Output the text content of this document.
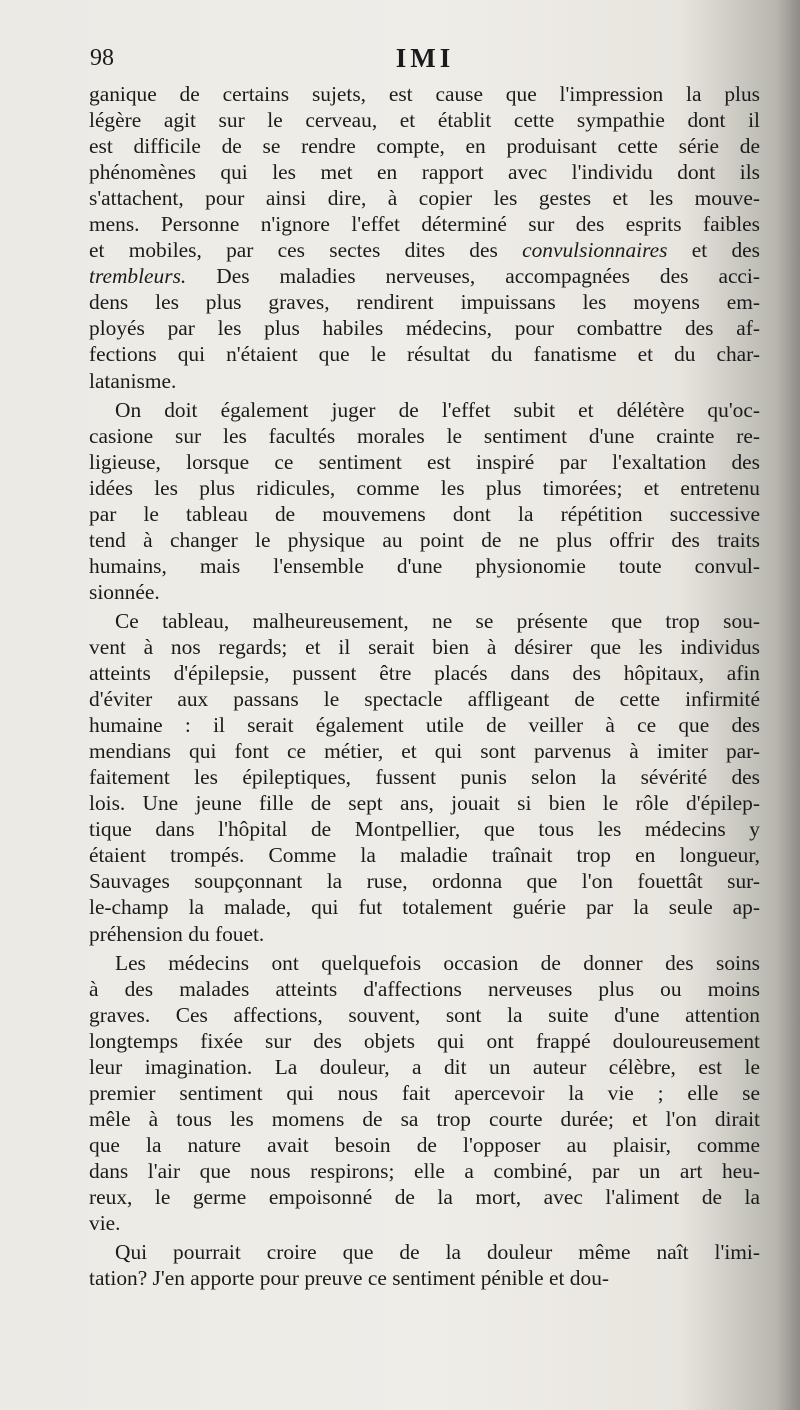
98	IMI
ganique de certains sujets, est cause que l'impression la plus
légère agit sur le cerveau, et établit cette sympathie dont il
est difficile de se rendre compte, en produisant cette série de
phénomènes qui les met en rapport avec l'individu dont ils
s'attachent, pour ainsi dire, à copier les gestes et les mouve-
mens. Personne n'ignore l'effet déterminé sur des esprits faibles
et mobiles, par ces sectes dites des convulsionnaires et des
trembleurs. Des maladies nerveuses, accompagnées des acci-
dens les plus graves, rendirent impuissans les moyens em-
ployés par les plus habiles médecins, pour combattre des af-
fections qui n'étaient que le résultat du fanatisme et du char-
latanisme.
On doit également juger de l'effet subit et délétère qu'oc-
casione sur les facultés morales le sentiment d'une crainte re-
ligieuse, lorsque ce sentiment est inspiré par l'exaltation des
idées les plus ridicules, comme les plus timorées; et entretenu
par le tableau de mouvemens dont la répétition successive
tend à changer le physique au point de ne plus offrir des traits
humains, mais l'ensemble d'une physionomie toute convul-
sionnée.
Ce tableau, malheureusement, ne se présente que trop sou-
vent à nos regards; et il serait bien à désirer que les individus
atteints d'épilepsie, pussent être placés dans des hôpitaux, afin
d'éviter aux passans le spectacle affligeant de cette infirmité
humaine : il serait également utile de veiller à ce que des
mendians qui font ce métier, et qui sont parvenus à imiter par-
faitement les épileptiques, fussent punis selon la sévérité des
lois. Une jeune fille de sept ans, jouait si bien le rôle d'épilep-
tique dans l'hôpital de Montpellier, que tous les médecins y
étaient trompés. Comme la maladie traînait trop en longueur,
Sauvages soupçonnant la ruse, ordonna que l'on fouettât sur-
le-champ la malade, qui fut totalement guérie par la seule ap-
préhension du fouet.
Les médecins ont quelquefois occasion de donner des soins
à des malades atteints d'affections nerveuses plus ou moins
graves. Ces affections, souvent, sont la suite d'une attention
longtemps fixée sur des objets qui ont frappé douloureusement
leur imagination. La douleur, a dit un auteur célèbre, est le
premier sentiment qui nous fait apercevoir la vie ; elle se
mêle à tous les momens de sa trop courte durée; et l'on dirait
que la nature avait besoin de l'opposer au plaisir, comme
dans l'air que nous respirons; elle a combiné, par un art heu-
reux, le germe empoisonné de la mort, avec l'aliment de la
vie.
Qui pourrait croire que de la douleur même naît l'imi-
tation? J'en apporte pour preuve ce sentiment pénible et dou-
